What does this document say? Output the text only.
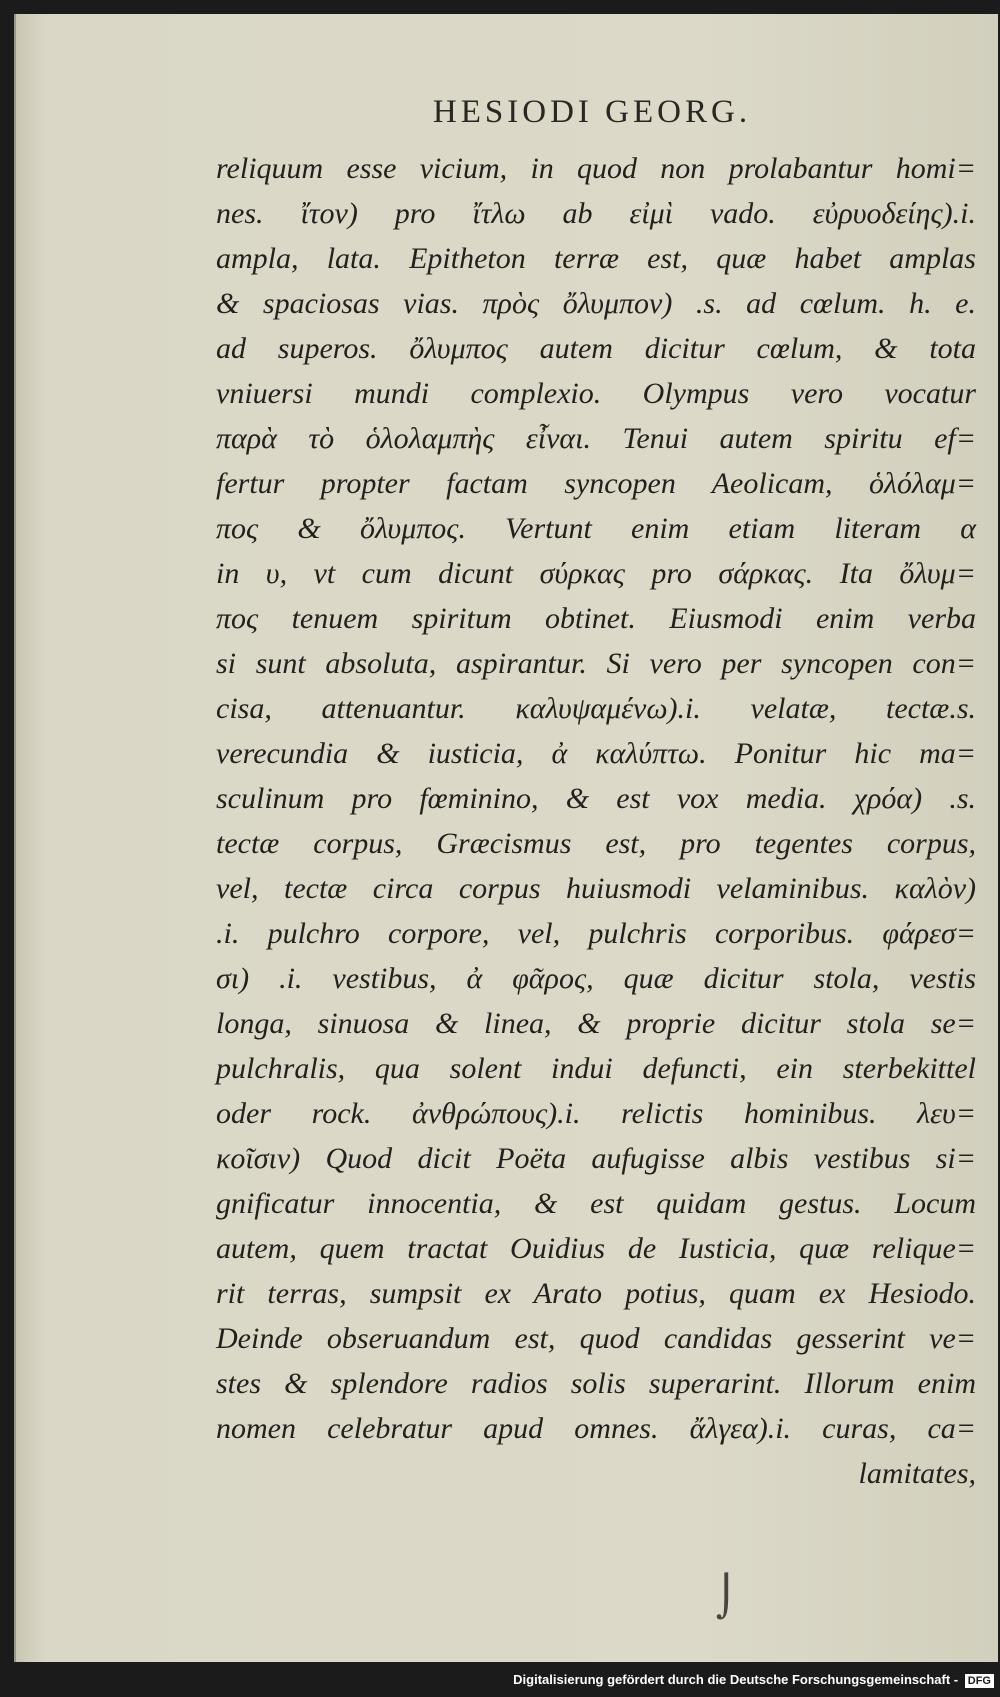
HESIODI GEORG.
reliquum esse vicium, in quod non prolabantur homi=
nes. ἴτον) pro ἴτλω ab εἰμὶ vado. εὐρυοδείης).i.
ampla, lata. Epitheton terræ est, quæ habet amplas
& spaciosas vias. πρὸς ὄλυμπον) .s. ad cœlum. h. e.
ad superos. ὄλυμπος autem dicitur cœlum, & tota
vniuersi mundi complexio. Olympus vero vocatur
παρὰ τὸ ὁλολαμπὴς εἶναι. Tenui autem spiritu ef=
fertur propter factam syncopen Aeolicam, ὁλόλαμ=
πος & ὄλυμπος. Vertunt enim etiam literam α
in υ, vt cum dicunt σύρκας pro σάρκας. Ita ὄλυμ=
πος tenuem spiritum obtinet. Eiusmodi enim verba
si sunt absoluta, aspirantur. Si vero per syncopen con=
cisa, attenuantur. καλυψαμένω).i. velatæ, tectæ.s.
verecundia & iusticia, ἀ καλύπτω. Ponitur hic ma=
sculinum pro fœminino, & est vox media. χρόα) .s.
tectæ corpus, Græcismus est, pro tegentes corpus,
vel, tectæ circa corpus huiusmodi velaminibus. καλὸν)
.i. pulchro corpore, vel, pulchris corporibus. φάρεσ=
σι) .i. vestibus, ἀ φᾶρος, quæ dicitur stola, vestis
longa, sinuosa & linea, & proprie dicitur stola se=
pulchralis, qua solent indui defuncti, ein sterbekittel
oder rock. ἀνθρώπους).i. relictis hominibus. λευ=
κοῖσιν) Quod dicit Poëta aufugisse albis vestibus si=
gnificatur innocentia, & est quidam gestus. Locum
autem, quem tractat Ouidius de Iusticia, quæ relique=
rit terras, sumpsit ex Arato potius, quam ex Hesiodo.
Deinde obseruandum est, quod candidas gesserint ve=
stes & splendore radios solis superarint. Illorum enim
nomen celebratur apud omnes. ἄλγεα).i. curas, ca=
lamitates,
⌡
Digitalisierung gefördert durch die Deutsche Forschungsgemeinschaft - DFG
